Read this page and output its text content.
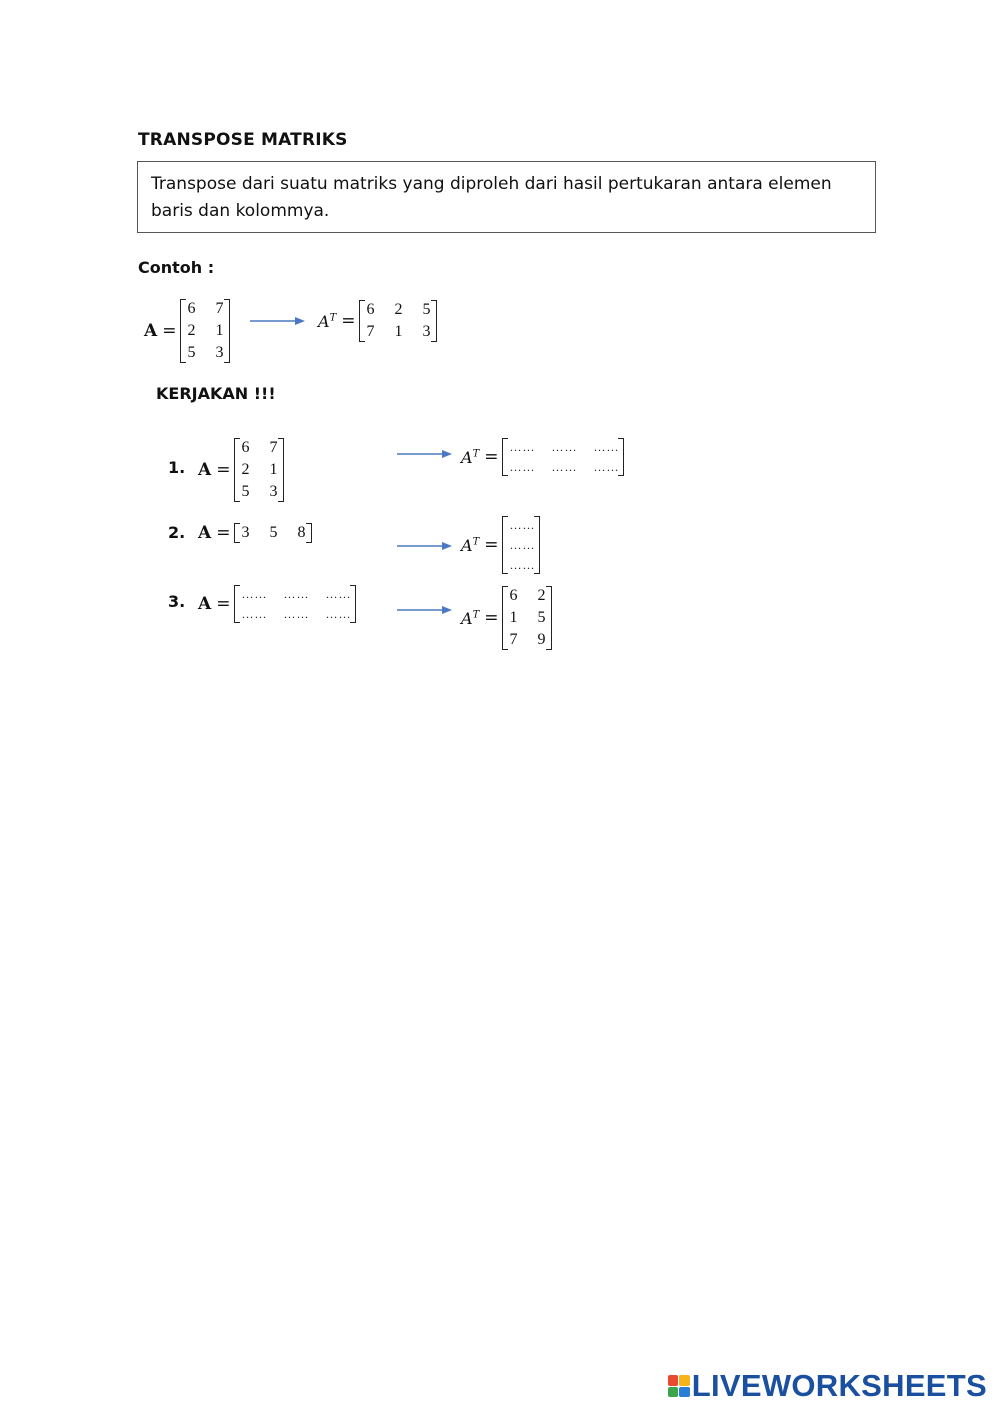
TRANSPOSE MATRIKS
Transpose dari suatu matriks yang diproleh dari hasil pertukaran antara elemen baris dan kolommya.
Contoh :
A =
6 7
2 1
5 3
$A^T$ =
6 2 5
7 1 3
KERJAKAN !!!
1. A =
6 7
2 1
5 3
$A^T$ = … … … … … …
… … … … … …
2. A = 3 5 8
$A^T$ =
… …
… …
… …
3. A = … … … … … …
… … … … … …	$A^T$ =
6 2
1 5
7 9
LIVEWORKSHEETS
